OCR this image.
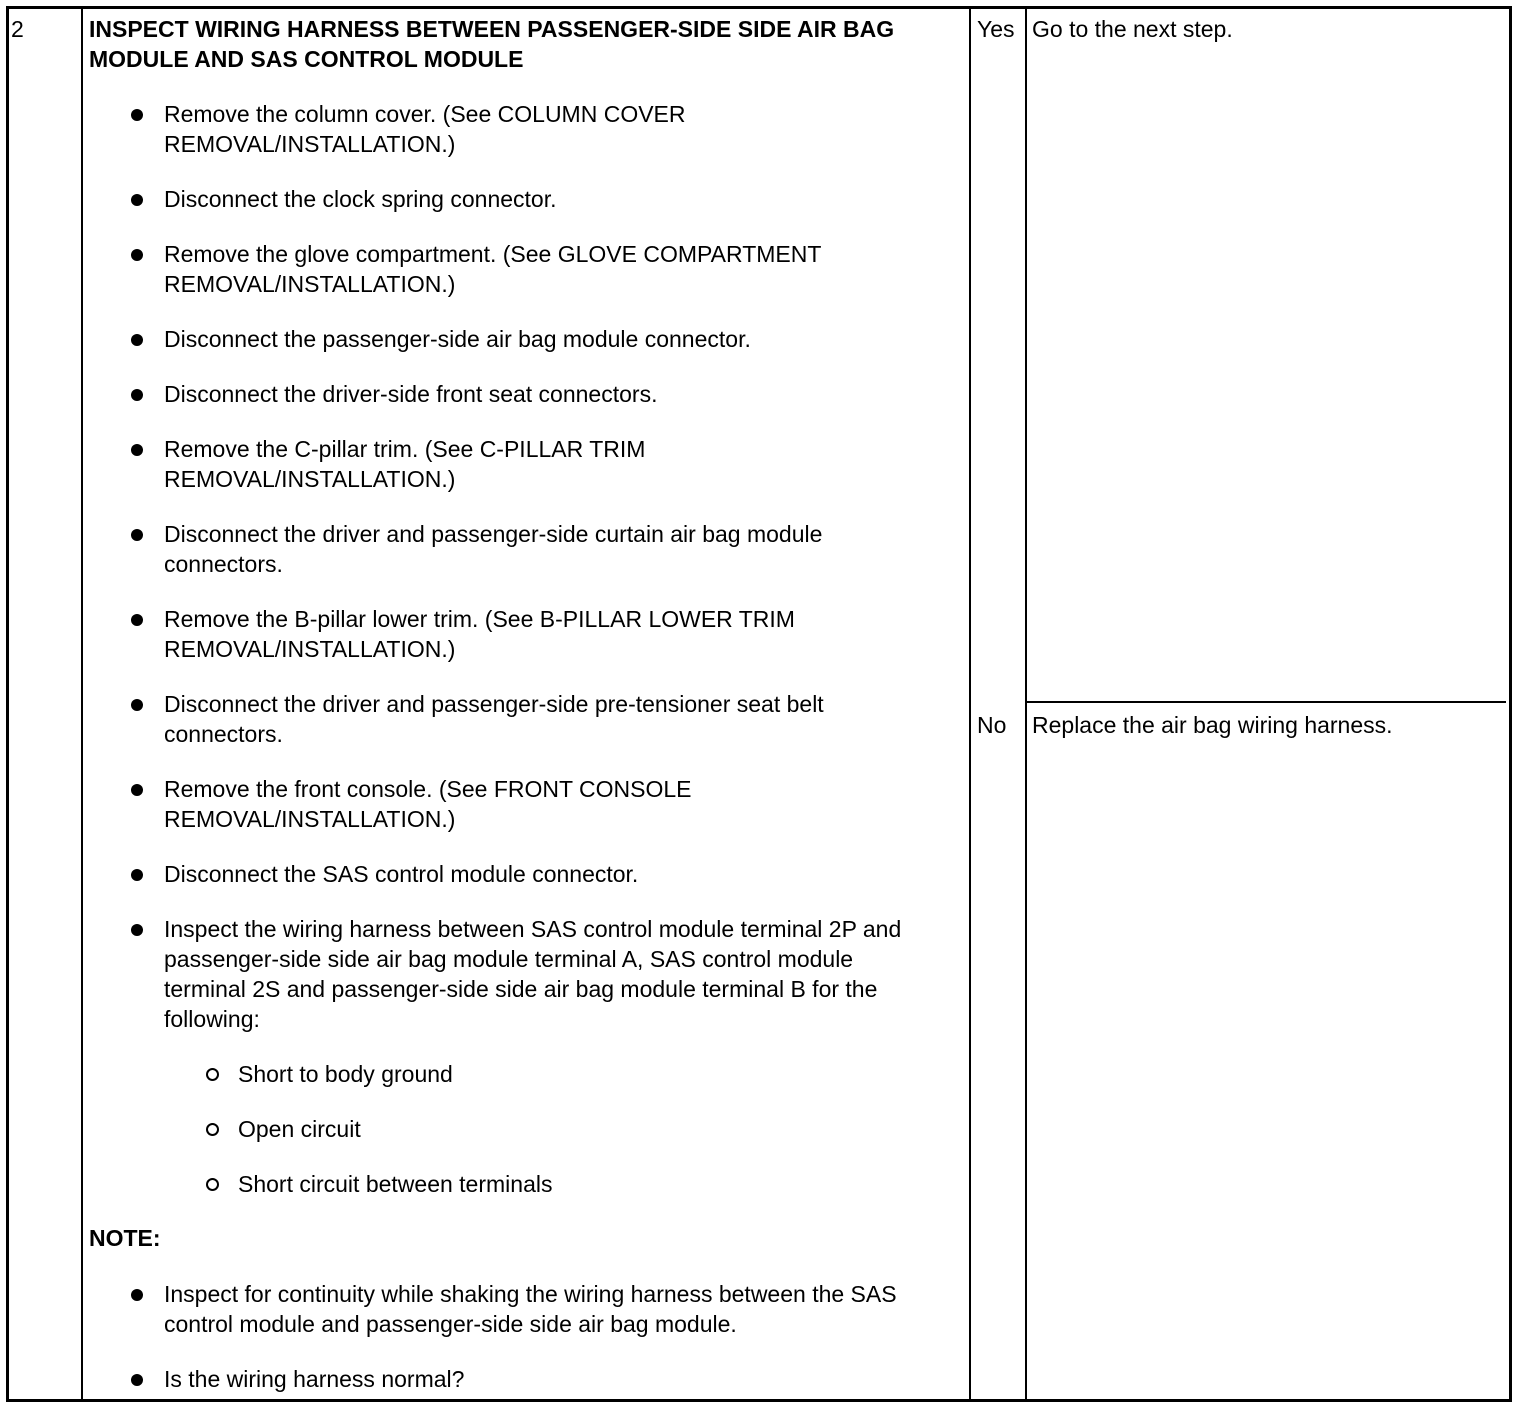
2	INSPECT WIRING HARNESS BETWEEN PASSENGER-SIDE SIDE AIR BAG MODULE AND SAS CONTROL MODULE
Remove the column cover. (See COLUMN COVER REMOVAL/INSTALLATION.)
Disconnect the clock spring connector.
Remove the glove compartment. (See GLOVE COMPARTMENT REMOVAL/INSTALLATION.)
Disconnect the passenger-side air bag module connector.
Disconnect the driver-side front seat connectors.
Remove the C-pillar trim. (See C-PILLAR TRIM REMOVAL/INSTALLATION.)
Disconnect the driver and passenger-side curtain air bag module connectors.
Remove the B-pillar lower trim. (See B-PILLAR LOWER TRIM REMOVAL/INSTALLATION.)
Disconnect the driver and passenger-side pre-tensioner seat belt connectors.
Remove the front console. (See FRONT CONSOLE REMOVAL/INSTALLATION.)
Disconnect the SAS control module connector.
Inspect the wiring harness between SAS control module terminal 2P and passenger-side side air bag module terminal A, SAS control module terminal 2S and passenger-side side air bag module terminal B for the following:
Short to body ground
Open circuit
Short circuit between terminals
NOTE:
Inspect for continuity while shaking the wiring harness between the SAS control module and passenger-side side air bag module.
Is the wiring harness normal?
Yes Go to the next step.
No Replace the air bag wiring harness.
